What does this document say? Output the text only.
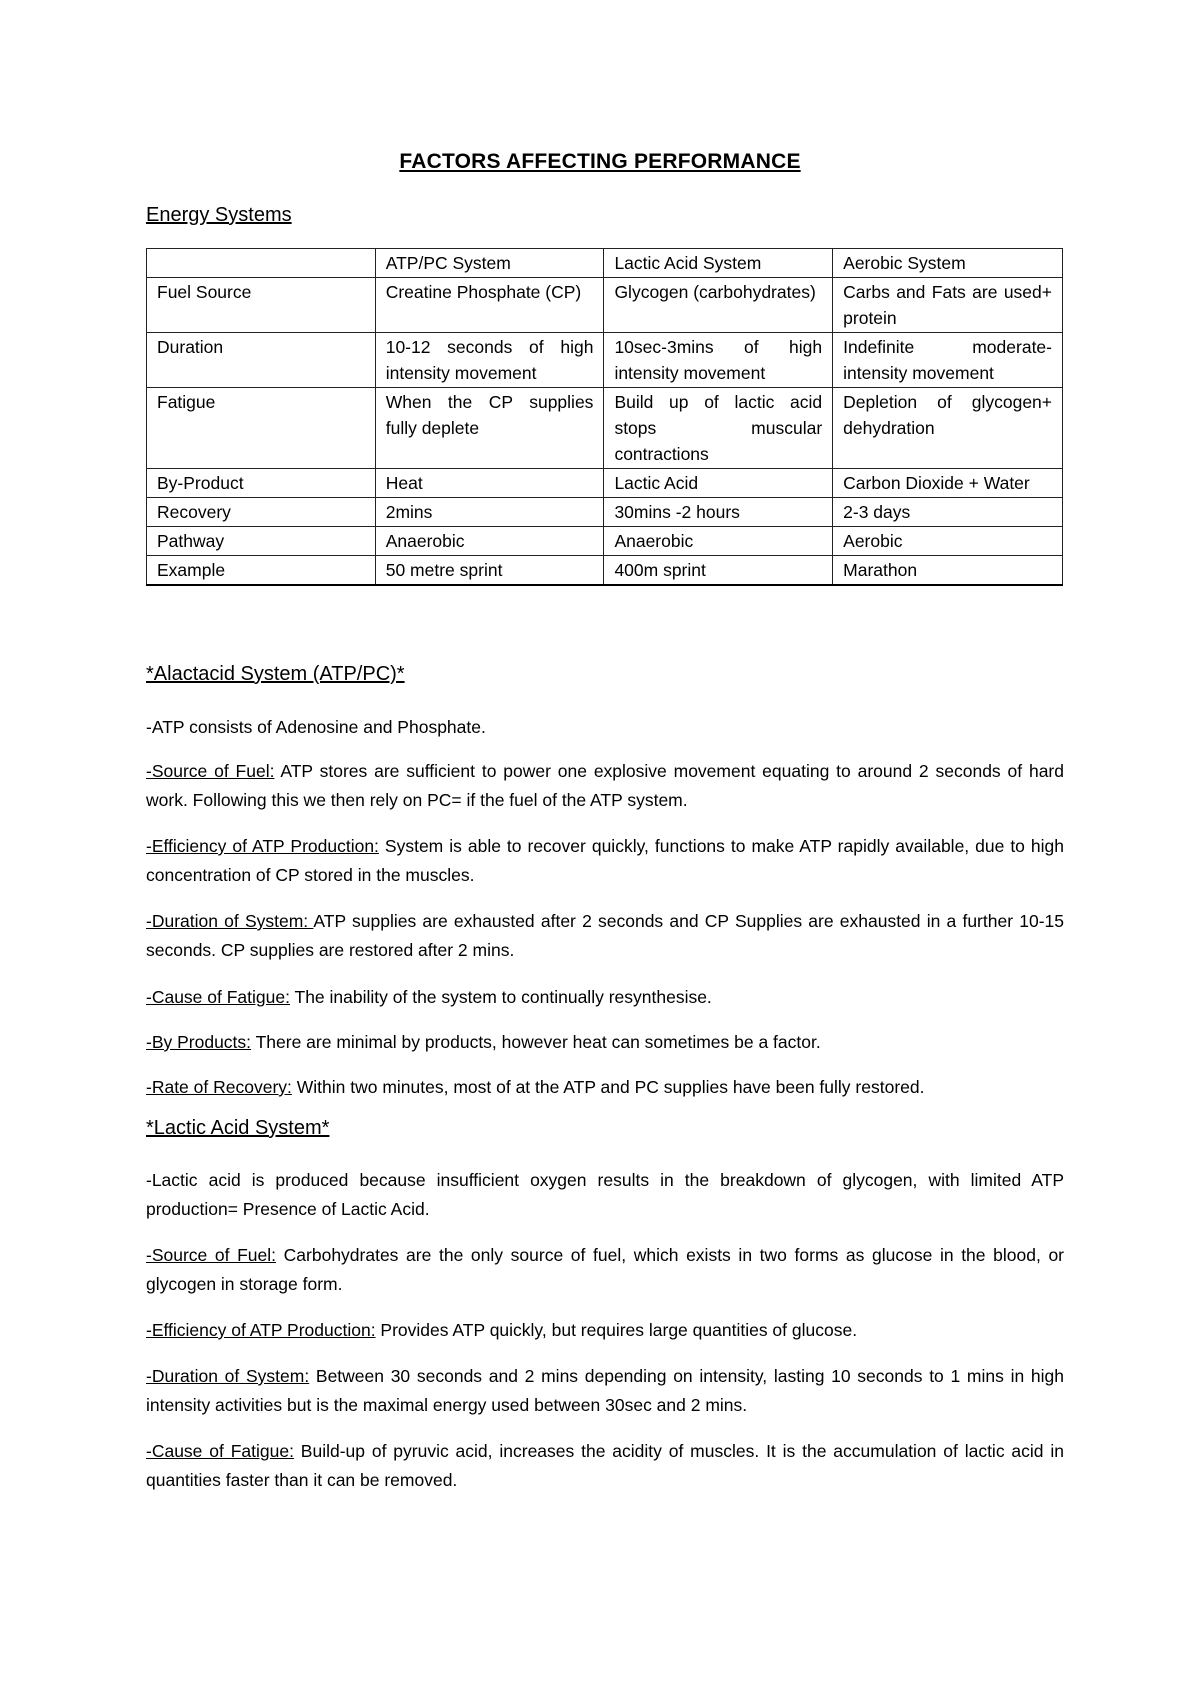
FACTORS AFFECTING PERFORMANCE
Energy Systems
	ATP/PC System	Lactic Acid System	Aerobic System
Fuel Source	Creatine Phosphate (CP)	Glycogen (carbohydrates)	Carbs and Fats are used+ protein
Duration	10-12 seconds of high intensity movement	10sec-3mins of high intensity movement	Indefinite moderate-intensity movement
Fatigue	When the CP supplies fully deplete	Build up of lactic acid stops muscular contractions	Depletion of glycogen+ dehydration
By-Product	Heat	Lactic Acid	Carbon Dioxide + Water
Recovery	2mins	30mins -2 hours	2-3 days
Pathway	Anaerobic	Anaerobic	Aerobic
Example	50 metre sprint	400m sprint	Marathon
*Alactacid System (ATP/PC)*
-ATP consists of Adenosine and Phosphate.
-Source of Fuel: ATP stores are sufficient to power one explosive movement equating to around 2 seconds of hard work. Following this we then rely on PC= if the fuel of the ATP system.
-Efficiency of ATP Production: System is able to recover quickly, functions to make ATP rapidly available, due to high concentration of CP stored in the muscles.
-Duration of System: ATP supplies are exhausted after 2 seconds and CP Supplies are exhausted in a further 10-15 seconds. CP supplies are restored after 2 mins.
-Cause of Fatigue: The inability of the system to continually resynthesise.
-By Products: There are minimal by products, however heat can sometimes be a factor.
-Rate of Recovery: Within two minutes, most of at the ATP and PC supplies have been fully restored.
*Lactic Acid System*
-Lactic acid is produced because insufficient oxygen results in the breakdown of glycogen, with limited ATP production= Presence of Lactic Acid.
-Source of Fuel: Carbohydrates are the only source of fuel, which exists in two forms as glucose in the blood, or glycogen in storage form.
-Efficiency of ATP Production: Provides ATP quickly, but requires large quantities of glucose.
-Duration of System: Between 30 seconds and 2 mins depending on intensity, lasting 10 seconds to 1 mins in high intensity activities but is the maximal energy used between 30sec and 2 mins.
-Cause of Fatigue: Build-up of pyruvic acid, increases the acidity of muscles. It is the accumulation of lactic acid in quantities faster than it can be removed.
